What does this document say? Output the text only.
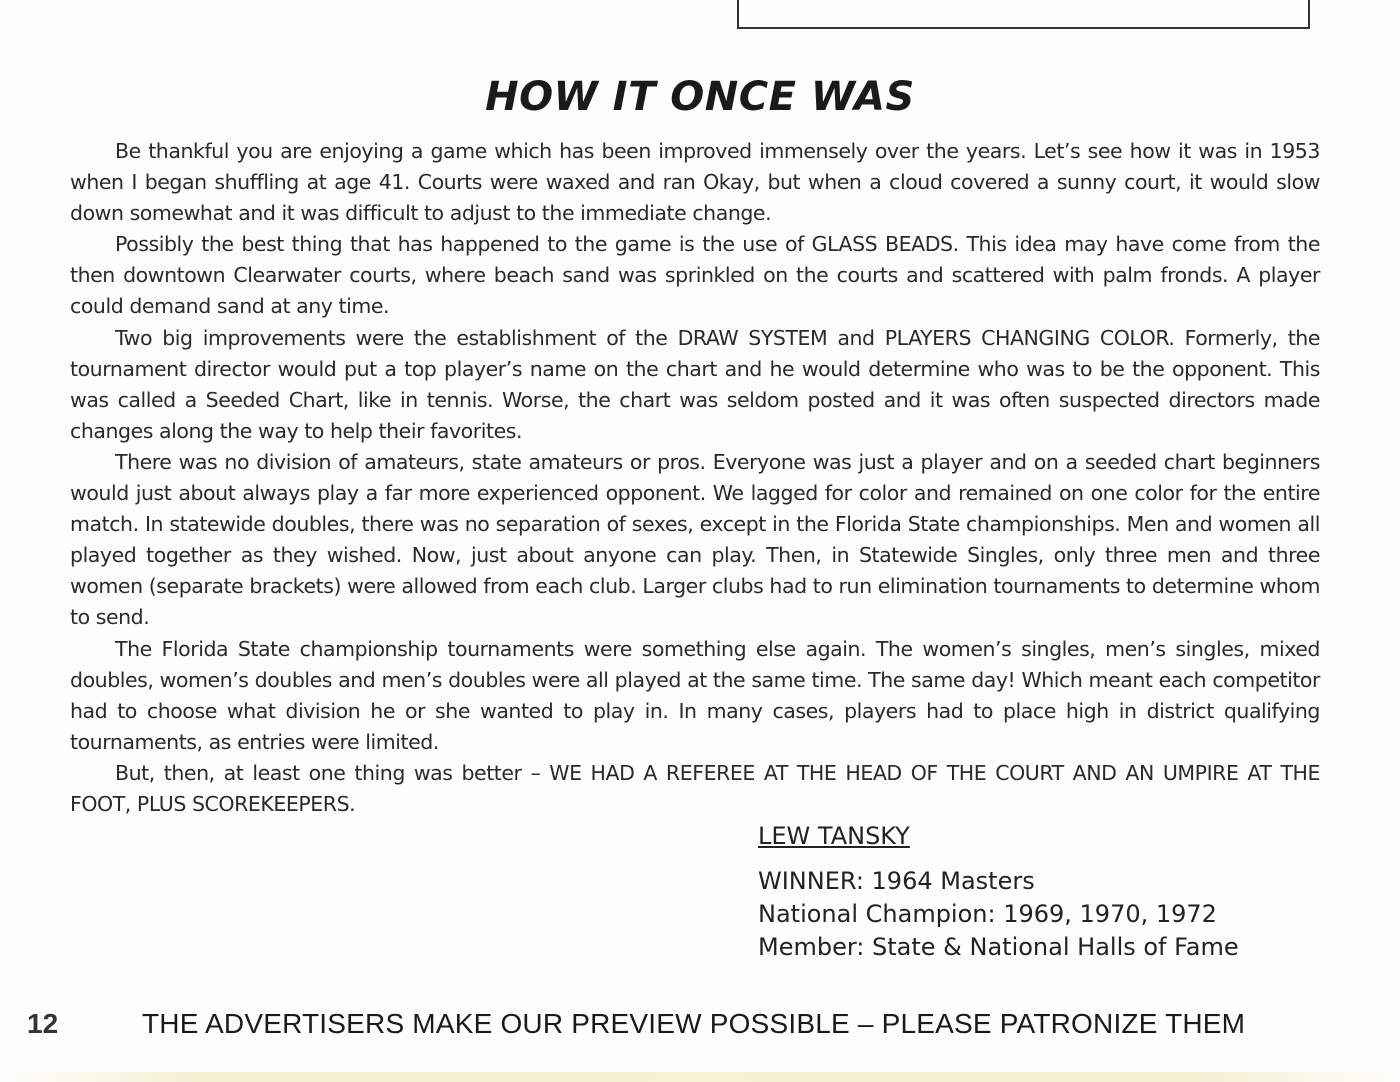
HOW IT ONCE WAS

Be thankful you are enjoying a game which has been improved immensely over the years. Let’s see how it was in 1953 when I began shuffling at age 41. Courts were waxed and ran Okay, but when a cloud covered a sunny court, it would slow down somewhat and it was difficult to adjust to the immediate change.

Possibly the best thing that has happened to the game is the use of GLASS BEADS. This idea may have come from the then downtown Clearwater courts, where beach sand was sprinkled on the courts and scattered with palm fronds. A player could demand sand at any time.

Two big improvements were the establishment of the DRAW SYSTEM and PLAYERS CHANGING COLOR. Formerly, the tournament director would put a top player’s name on the chart and he would determine who was to be the opponent. This was called a Seeded Chart, like in tennis. Worse, the chart was seldom posted and it was often suspected directors made changes along the way to help their favorites.

There was no division of amateurs, state amateurs or pros. Everyone was just a player and on a seeded chart beginners would just about always play a far more experienced opponent. We lagged for color and remained on one color for the entire match. In statewide doubles, there was no separation of sexes, except in the Florida State championships. Men and women all played together as they wished. Now, just about anyone can play. Then, in Statewide Singles, only three men and three women (separate brackets) were allowed from each club. Larger clubs had to run elimination tournaments to determine whom to send.

The Florida State championship tournaments were something else again. The women’s singles, men’s singles, mixed doubles, women’s doubles and men’s doubles were all played at the same time. The same day! Which meant each competitor had to choose what division he or she wanted to play in. In many cases, players had to place high in district qualifying tournaments, as entries were limited.

But, then, at least one thing was better – WE HAD A REFEREE AT THE HEAD OF THE COURT AND AN UMPIRE AT THE FOOT, PLUS SCOREKEEPERS.

LEW TANSKY
WINNER: 1964 Masters
National Champion: 1969, 1970, 1972
Member: State & National Halls of Fame
12	THE ADVERTISERS MAKE OUR PREVIEW POSSIBLE – PLEASE PATRONIZE THEM
